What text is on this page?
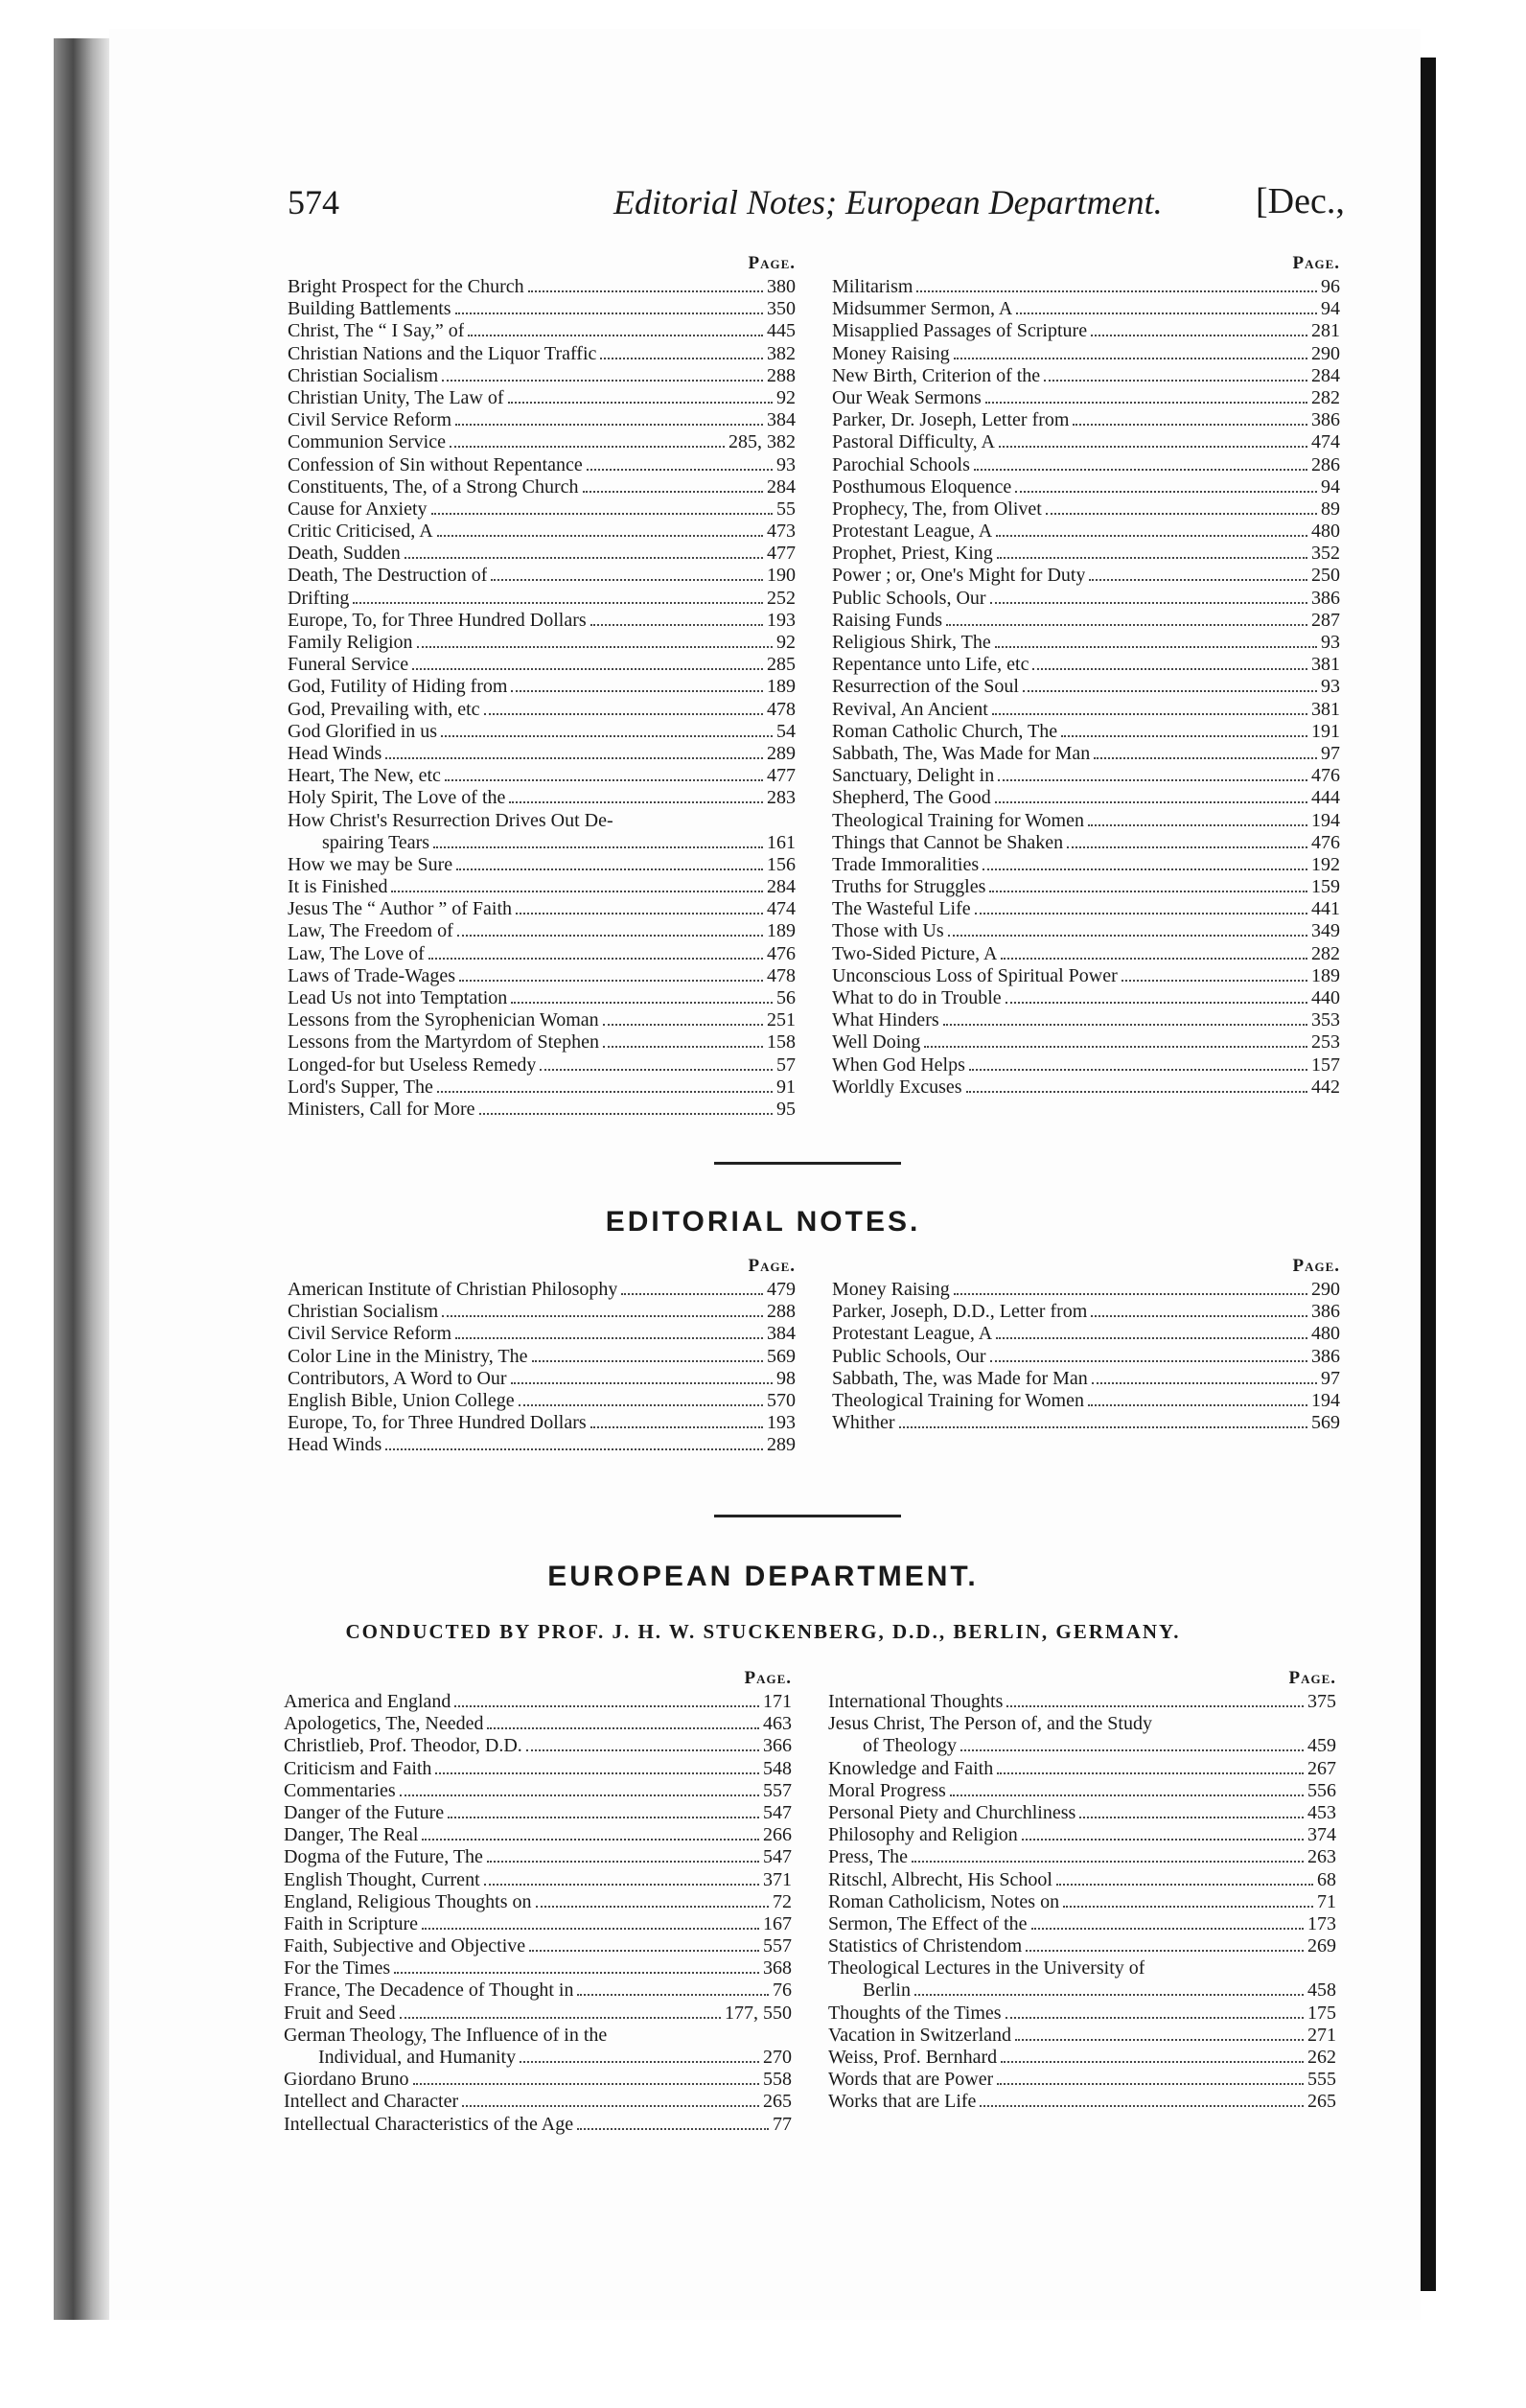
574	Editorial Notes; European Department.	[Dec.,
Page.
Bright Prospect for the Church	380
Building Battlements	350
Christ, The “ I Say,” of	445
Christian Nations and the Liquor Traffic	382
Christian Socialism	288
Christian Unity, The Law of	92
Civil Service Reform	384
Communion Service	285, 382
Confession of Sin without Repentance	93
Constituents, The, of a Strong Church	284
Cause for Anxiety	55
Critic Criticised, A	473
Death, Sudden	477
Death, The Destruction of	190
Drifting	252
Europe, To, for Three Hundred Dollars	193
Family Religion	92
Funeral Service	285
God, Futility of Hiding from	189
God, Prevailing with, etc	478
God Glorified in us	54
Head Winds	289
Heart, The New, etc	477
Holy Spirit, The Love of the	283
How Christ's Resurrection Drives Out De-
spairing Tears	161
How we may be Sure	156
It is Finished	284
Jesus The “ Author ” of Faith	474
Law, The Freedom of	189
Law, The Love of	476
Laws of Trade-Wages	478
Lead Us not into Temptation	56
Lessons from the Syrophenician Woman	251
Lessons from the Martyrdom of Stephen	158
Longed-for but Useless Remedy	57
Lord's Supper, The	91
Ministers, Call for More	95
Page.
Militarism	96
Midsummer Sermon, A	94
Misapplied Passages of Scripture	281
Money Raising	290
New Birth, Criterion of the	284
Our Weak Sermons	282
Parker, Dr. Joseph, Letter from	386
Pastoral Difficulty, A	474
Parochial Schools	286
Posthumous Eloquence	94
Prophecy, The, from Olivet	89
Protestant League, A	480
Prophet, Priest, King	352
Power ; or, One's Might for Duty	250
Public Schools, Our	386
Raising Funds	287
Religious Shirk, The	93
Repentance unto Life, etc	381
Resurrection of the Soul	93
Revival, An Ancient	381
Roman Catholic Church, The	191
Sabbath, The, Was Made for Man	97
Sanctuary, Delight in	476
Shepherd, The Good	444
Theological Training for Women	194
Things that Cannot be Shaken	476
Trade Immoralities	192
Truths for Struggles	159
The Wasteful Life	441
Those with Us	349
Two-Sided Picture, A	282
Unconscious Loss of Spiritual Power	189
What to do in Trouble	440
What Hinders	353
Well Doing	253
When God Helps	157
Worldly Excuses	442
EDITORIAL NOTES.
Page.
American Institute of Christian Philosophy	479
Christian Socialism	288
Civil Service Reform	384
Color Line in the Ministry, The	569
Contributors, A Word to Our	98
English Bible, Union College	570
Europe, To, for Three Hundred Dollars	193
Head Winds	289
Page.
Money Raising	290
Parker, Joseph, D.D., Letter from	386
Protestant League, A	480
Public Schools, Our	386
Sabbath, The, was Made for Man	97
Theological Training for Women	194
Whither	569
EUROPEAN DEPARTMENT.
CONDUCTED BY PROF. J. H. W. STUCKENBERG, D.D., BERLIN, GERMANY.
Page.
America and England	171
Apologetics, The, Needed	463
Christlieb, Prof. Theodor, D.D.	366
Criticism and Faith	548
Commentaries	557
Danger of the Future	547
Danger, The Real	266
Dogma of the Future, The	547
English Thought, Current	371
England, Religious Thoughts on	72
Faith in Scripture	167
Faith, Subjective and Objective	557
For the Times	368
France, The Decadence of Thought in	76
Fruit and Seed	177, 550
German Theology, The Influence of in the
Individual, and Humanity	270
Giordano Bruno	558
Intellect and Character	265
Intellectual Characteristics of the Age	77
Page.
International Thoughts	375
Jesus Christ, The Person of, and the Study
of Theology	459
Knowledge and Faith	267
Moral Progress	556
Personal Piety and Churchliness	453
Philosophy and Religion	374
Press, The	263
Ritschl, Albrecht, His School	68
Roman Catholicism, Notes on	71
Sermon, The Effect of the	173
Statistics of Christendom	269
Theological Lectures in the University of
Berlin	458
Thoughts of the Times	175
Vacation in Switzerland	271
Weiss, Prof. Bernhard	262
Words that are Power	555
Works that are Life	265
